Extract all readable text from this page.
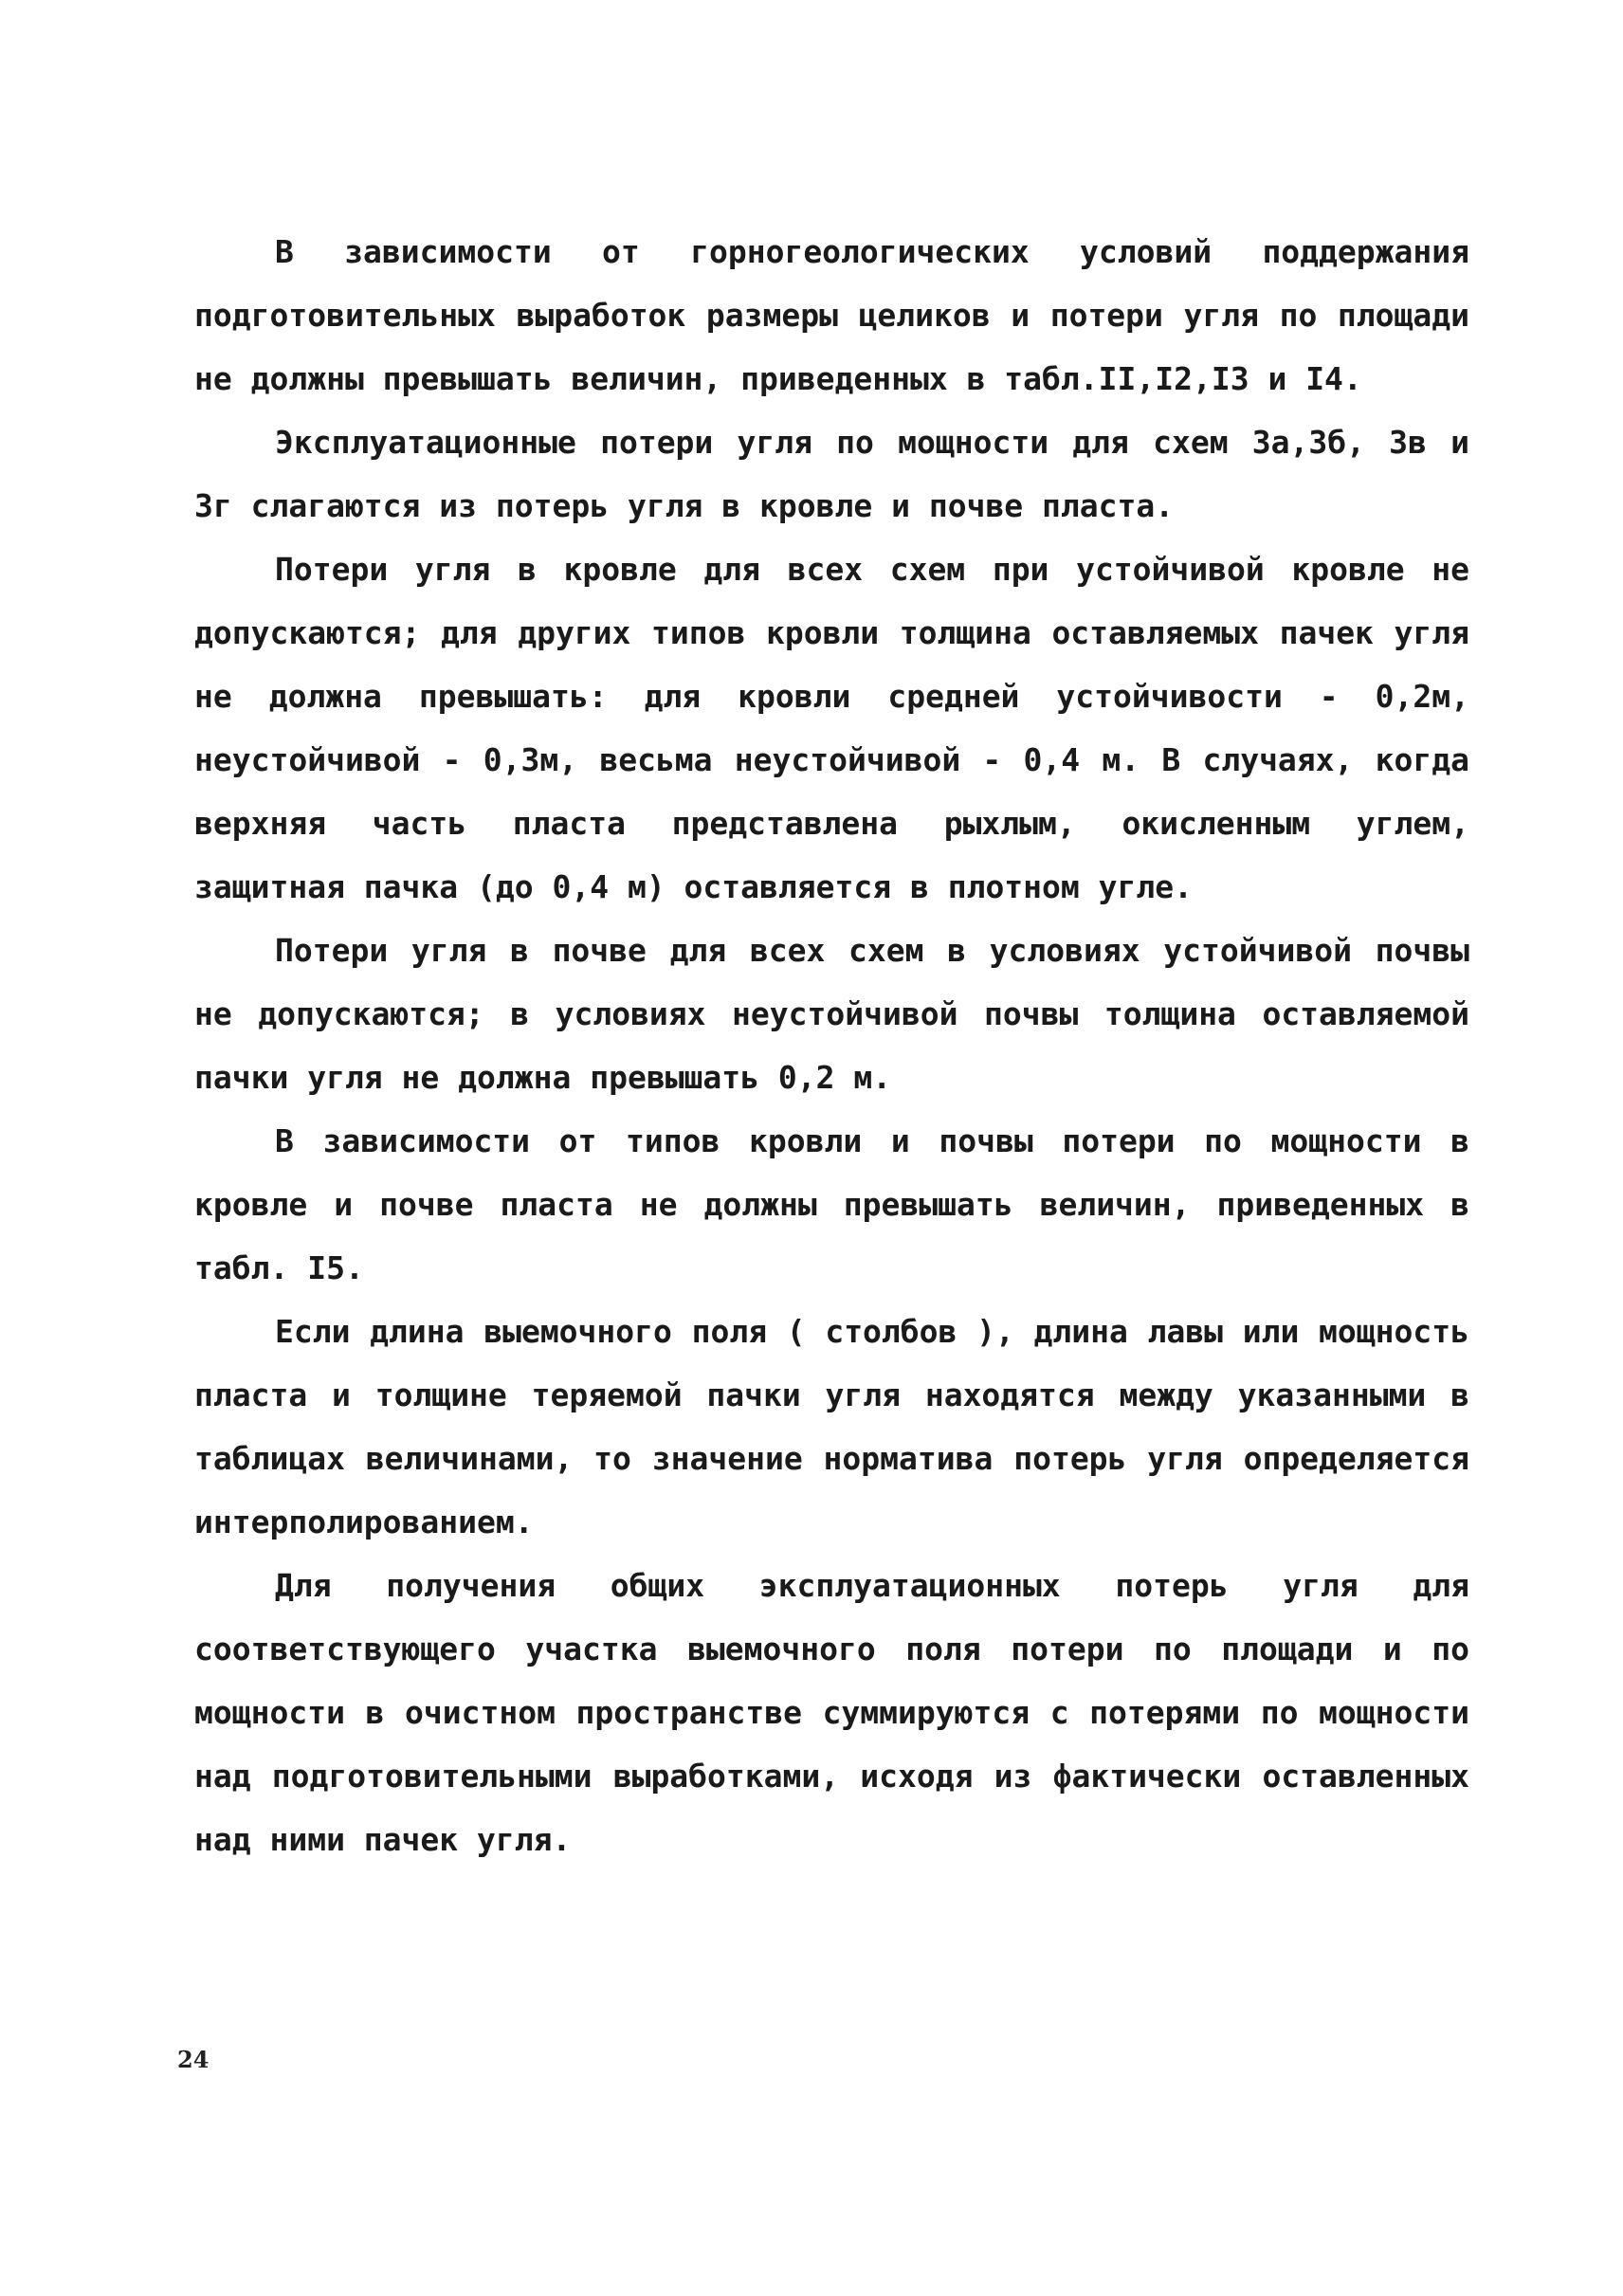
В зависимости от горногеологических условий поддержания подготовительных выработок размеры целиков и потери угля по площади не должны превышать величин, приведенных в табл.II,I2,I3 и I4.

Эксплуатационные потери угля по мощности для схем 3а,3б, 3в и 3г слагаются из потерь угля в кровле и почве пласта.

Потери угля в кровле для всех схем при устойчивой кровле не допускаются; для других типов кровли толщина оставляемых пачек угля не должна превышать: для кровли средней устойчивости - 0,2м, неустойчивой - 0,3м, весьма неустойчивой - 0,4 м. В случаях, когда верхняя часть пласта представлена рыхлым, окисленным углем, защитная пачка (до 0,4 м) оставляется в плотном угле.

Потери угля в почве для всех схем в условиях устойчивой почвы не допускаются; в условиях неустойчивой почвы толщина оставляемой пачки угля не должна превышать 0,2 м.

В зависимости от типов кровли и почвы потери по мощности в кровле и почве пласта не должны превышать величин, приведенных в табл. I5.

Если длина выемочного поля ( столбов ), длина лавы или мощность пласта и толщине теряемой пачки угля находятся между указанными в таблицах величинами, то значение норматива потерь угля определяется интерполированием.

Для получения общих эксплуатационных потерь угля для соответствующего участка выемочного поля потери по площади и по мощности в очистном пространстве суммируются с потерями по мощности над подготовительными выработками, исходя из фактически оставленных над ними пачек угля.

24
